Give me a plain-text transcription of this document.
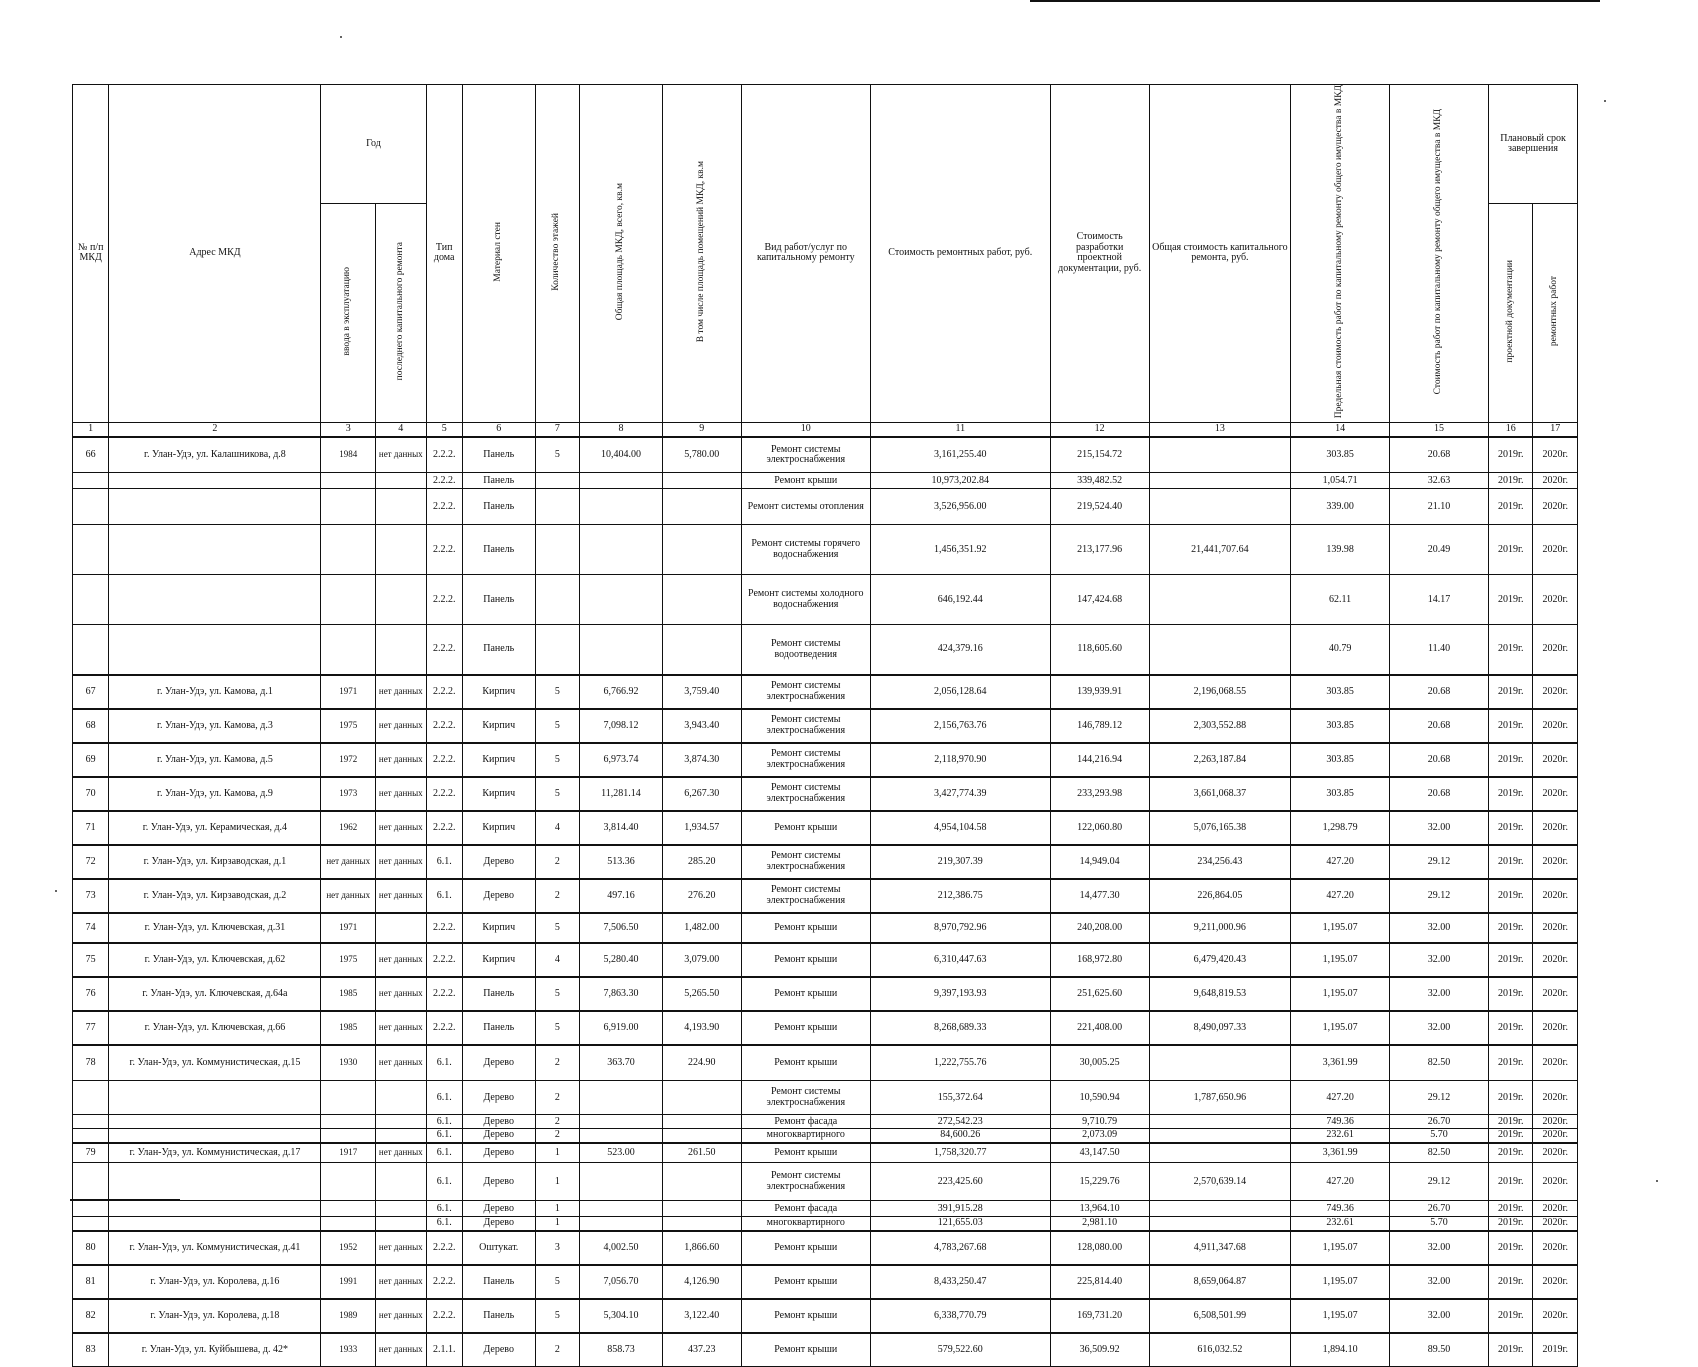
№ п/п МКД	Адрес МКД	Год		Тип дома	Материал стен	Количество этажей	Общая площадь МКД, всего, кв.м	В том числе площадь помещений МКД, кв.м	Вид работ/услуг по капитальному ремонту	Стоимость ремонтных работ, руб.	Стоимость разработки проектной документации, руб.	Общая стоимость капитального ремонта, руб.	Предельная стоимость работ по капитальному ремонту общего имущества в МКД	Стоимость работ по капитальному ремонту общего имущества в МКД	Плановый срок завершения	
		ввода в эксплуатацию	последнего капитального ремонта												проектной документации	ремонтных работ
1	2	3	4	5	6	7	8	9	10	11	12	13	14	15	16	17
66	г. Улан-Удэ, ул. Калашникова, д.8	1984	нет данных	2.2.2.	Панель	5	10,404.00	5,780.00	Ремонт системы электроснабжения	3,161,255.40	215,154.72		303.85	20.68	2019г.	2020г.
				2.2.2.	Панель				Ремонт крыши	10,973,202.84	339,482.52		1,054.71	32.63	2019г.	2020г.
				2.2.2.	Панель				Ремонт системы отопления	3,526,956.00	219,524.40		339.00	21.10	2019г.	2020г.
				2.2.2.	Панель				Ремонт системы горячего водоснабжения	1,456,351.92	213,177.96	21,441,707.64	139.98	20.49	2019г.	2020г.
				2.2.2.	Панель				Ремонт системы холодного водоснабжения	646,192.44	147,424.68		62.11	14.17	2019г.	2020г.
				2.2.2.	Панель				Ремонт системы водоотведения	424,379.16	118,605.60		40.79	11.40	2019г.	2020г.
67	г. Улан-Удэ, ул. Камова, д.1	1971	нет данных	2.2.2.	Кирпич	5	6,766.92	3,759.40	Ремонт системы электроснабжения	2,056,128.64	139,939.91	2,196,068.55	303.85	20.68	2019г.	2020г.
68	г. Улан-Удэ, ул. Камова, д.3	1975	нет данных	2.2.2.	Кирпич	5	7,098.12	3,943.40	Ремонт системы электроснабжения	2,156,763.76	146,789.12	2,303,552.88	303.85	20.68	2019г.	2020г.
69	г. Улан-Удэ, ул. Камова, д.5	1972	нет данных	2.2.2.	Кирпич	5	6,973.74	3,874.30	Ремонт системы электроснабжения	2,118,970.90	144,216.94	2,263,187.84	303.85	20.68	2019г.	2020г.
70	г. Улан-Удэ, ул. Камова, д.9	1973	нет данных	2.2.2.	Кирпич	5	11,281.14	6,267.30	Ремонт системы электроснабжения	3,427,774.39	233,293.98	3,661,068.37	303.85	20.68	2019г.	2020г.
71	г. Улан-Удэ, ул. Керамическая, д.4	1962	нет данных	2.2.2.	Кирпич	4	3,814.40	1,934.57	Ремонт крыши	4,954,104.58	122,060.80	5,076,165.38	1,298.79	32.00	2019г.	2020г.
72	г. Улан-Удэ, ул. Кирзаводская, д.1	нет данных	нет данных	6.1.	Дерево	2	513.36	285.20	Ремонт системы электроснабжения	219,307.39	14,949.04	234,256.43	427.20	29.12	2019г.	2020г.
73	г. Улан-Удэ, ул. Кирзаводская, д.2	нет данных	нет данных	6.1.	Дерево	2	497.16	276.20	Ремонт системы электроснабжения	212,386.75	14,477.30	226,864.05	427.20	29.12	2019г.	2020г.
74	г. Улан-Удэ, ул. Ключевская, д.31	1971		2.2.2.	Кирпич	5	7,506.50	1,482.00	Ремонт крыши	8,970,792.96	240,208.00	9,211,000.96	1,195.07	32.00	2019г.	2020г.
75	г. Улан-Удэ, ул. Ключевская, д.62	1975	нет данных	2.2.2.	Кирпич	4	5,280.40	3,079.00	Ремонт крыши	6,310,447.63	168,972.80	6,479,420.43	1,195.07	32.00	2019г.	2020г.
76	г. Улан-Удэ, ул. Ключевская, д.64а	1985	нет данных	2.2.2.	Панель	5	7,863.30	5,265.50	Ремонт крыши	9,397,193.93	251,625.60	9,648,819.53	1,195.07	32.00	2019г.	2020г.
77	г. Улан-Удэ, ул. Ключевская, д.66	1985	нет данных	2.2.2.	Панель	5	6,919.00	4,193.90	Ремонт крыши	8,268,689.33	221,408.00	8,490,097.33	1,195.07	32.00	2019г.	2020г.
78	г. Улан-Удэ, ул. Коммунистическая, д.15	1930	нет данных	6.1.	Дерево	2	363.70	224.90	Ремонт крыши	1,222,755.76	30,005.25		3,361.99	82.50	2019г.	2020г.
				6.1.	Дерево	2			Ремонт системы электроснабжения	155,372.64	10,590.94	1,787,650.96	427.20	29.12	2019г.	2020г.
				6.1.	Дерево	2			Ремонт фасада	272,542.23	9,710.79		749.36	26.70	2019г.	2020г.
				6.1.	Дерево	2			многоквартирного	84,600.26	2,073.09		232.61	5.70	2019г.	2020г.
79	г. Улан-Удэ, ул. Коммунистическая, д.17	1917	нет данных	6.1.	Дерево	1	523.00	261.50	Ремонт крыши	1,758,320.77	43,147.50		3,361.99	82.50	2019г.	2020г.
				6.1.	Дерево	1			Ремонт системы электроснабжения	223,425.60	15,229.76	2,570,639.14	427.20	29.12	2019г.	2020г.
				6.1.	Дерево	1			Ремонт фасада	391,915.28	13,964.10		749.36	26.70	2019г.	2020г.
				6.1.	Дерево	1			многоквартирного	121,655.03	2,981.10		232.61	5.70	2019г.	2020г.
80	г. Улан-Удэ, ул. Коммунистическая, д.41	1952	нет данных	2.2.2.	Оштукат.	3	4,002.50	1,866.60	Ремонт крыши	4,783,267.68	128,080.00	4,911,347.68	1,195.07	32.00	2019г.	2020г.
81	г. Улан-Удэ, ул. Королева, д.16	1991	нет данных	2.2.2.	Панель	5	7,056.70	4,126.90	Ремонт крыши	8,433,250.47	225,814.40	8,659,064.87	1,195.07	32.00	2019г.	2020г.
82	г. Улан-Удэ, ул. Королева, д.18	1989	нет данных	2.2.2.	Панель	5	5,304.10	3,122.40	Ремонт крыши	6,338,770.79	169,731.20	6,508,501.99	1,195.07	32.00	2019г.	2020г.
83	г. Улан-Удэ, ул. Куйбышева, д. 42*	1933	нет данных	2.1.1.	Дерево	2	858.73	437.23	Ремонт крыши	579,522.60	36,509.92	616,032.52	1,894.10	89.50	2019г.	2019г.
